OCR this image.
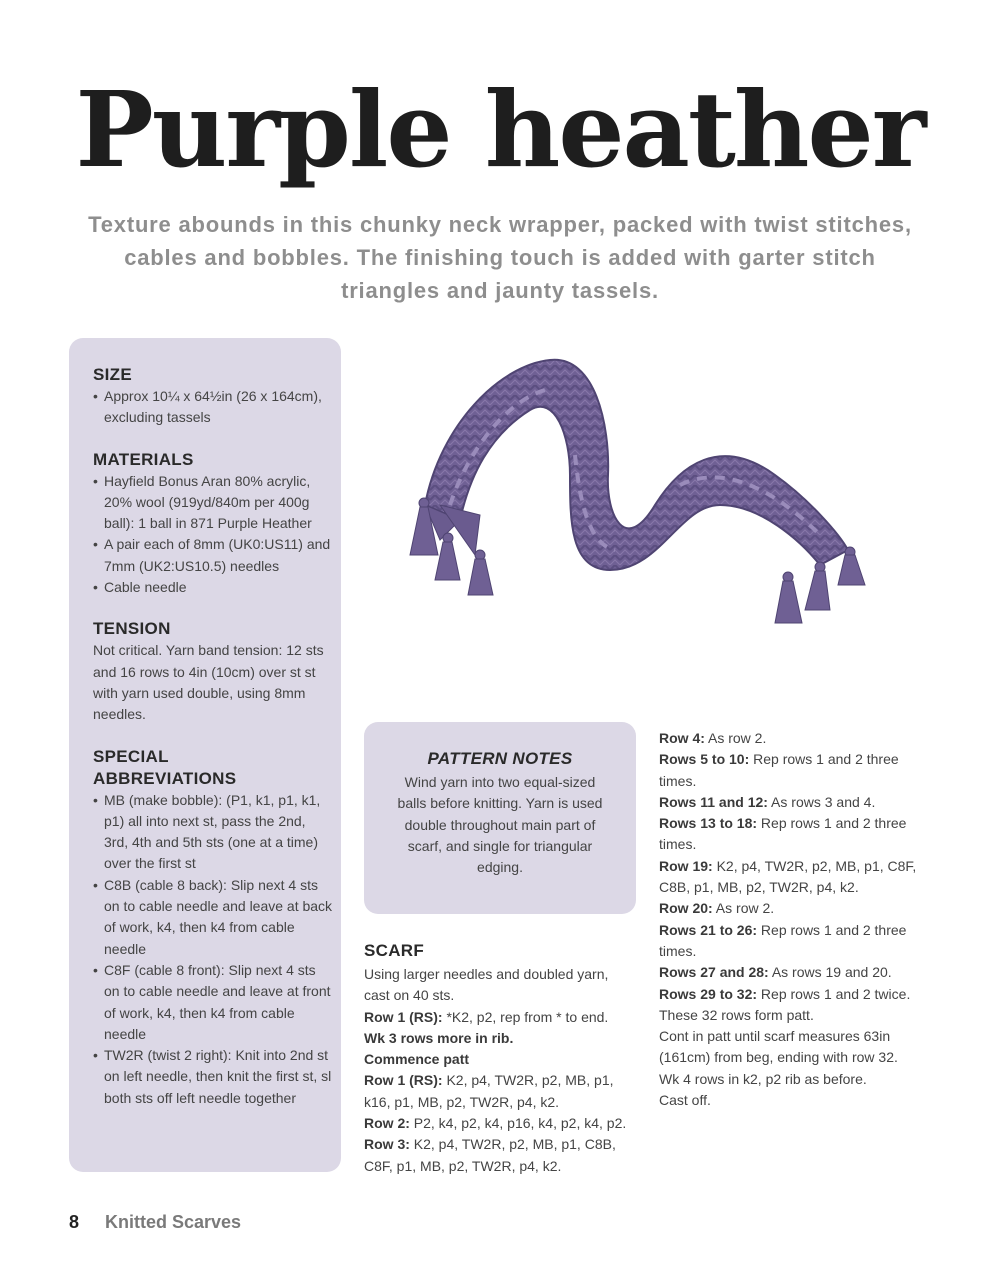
Purple heather

Texture abounds in this chunky neck wrapper, packed with twist stitches, cables and bobbles. The finishing touch is added with garter stitch triangles and jaunty tassels.

SIZE
• Approx 10¼ x 64½in (26 x 164cm), excluding tassels
MATERIALS
• Hayfield Bonus Aran 80% acrylic, 20% wool (919yd/840m per 400g ball): 1 ball in 871 Purple Heather
• A pair each of 8mm (UK0:US11) and 7mm (UK2:US10.5) needles
• Cable needle
TENSION
Not critical. Yarn band tension: 12 sts and 16 rows to 4in (10cm) over st st with yarn used double, using 8mm needles.
SPECIAL ABBREVIATIONS
• MB (make bobble): (P1, k1, p1, k1, p1) all into next st, pass the 2nd, 3rd, 4th and 5th sts (one at a time) over the first st
• C8B (cable 8 back): Slip next 4 sts on to cable needle and leave at back of work, k4, then k4 from cable needle
• C8F (cable 8 front): Slip next 4 sts on to cable needle and leave at front of work, k4, then k4 from cable needle
• TW2R (twist 2 right): Knit into 2nd st on left needle, then knit the first st, sl both sts off left needle together
PATTERN NOTES
Wind yarn into two equal-sized balls before knitting. Yarn is used double throughout main part of scarf, and single for triangular edging.
SCARF

Using larger needles and doubled yarn, cast on 40 sts.

Row 1 (RS): *K2, p2, rep from * to end.

Wk 3 rows more in rib.

Commence patt

Row 1 (RS): K2, p4, TW2R, p2, MB, p1, k16, p1, MB, p2, TW2R, p4, k2.

Row 2: P2, k4, p2, k4, p16, k4, p2, k4, p2.

Row 3: K2, p4, TW2R, p2, MB, p1, C8B, C8F, p1, MB, p2, TW2R, p4, k2.

Row 4: As row 2.

Rows 5 to 10: Rep rows 1 and 2 three times.

Rows 11 and 12: As rows 3 and 4.

Rows 13 to 18: Rep rows 1 and 2 three times.

Row 19: K2, p4, TW2R, p2, MB, p1, C8F, C8B, p1, MB, p2, TW2R, p4, k2.

Row 20: As row 2.

Rows 21 to 26: Rep rows 1 and 2 three times.

Rows 27 and 28: As rows 19 and 20.

Rows 29 to 32: Rep rows 1 and 2 twice.

These 32 rows form patt.

Cont in patt until scarf measures 63in (161cm) from beg, ending with row 32.

Wk 4 rows in k2, p2 rib as before.

Cast off.

8 Knitted Scarves
